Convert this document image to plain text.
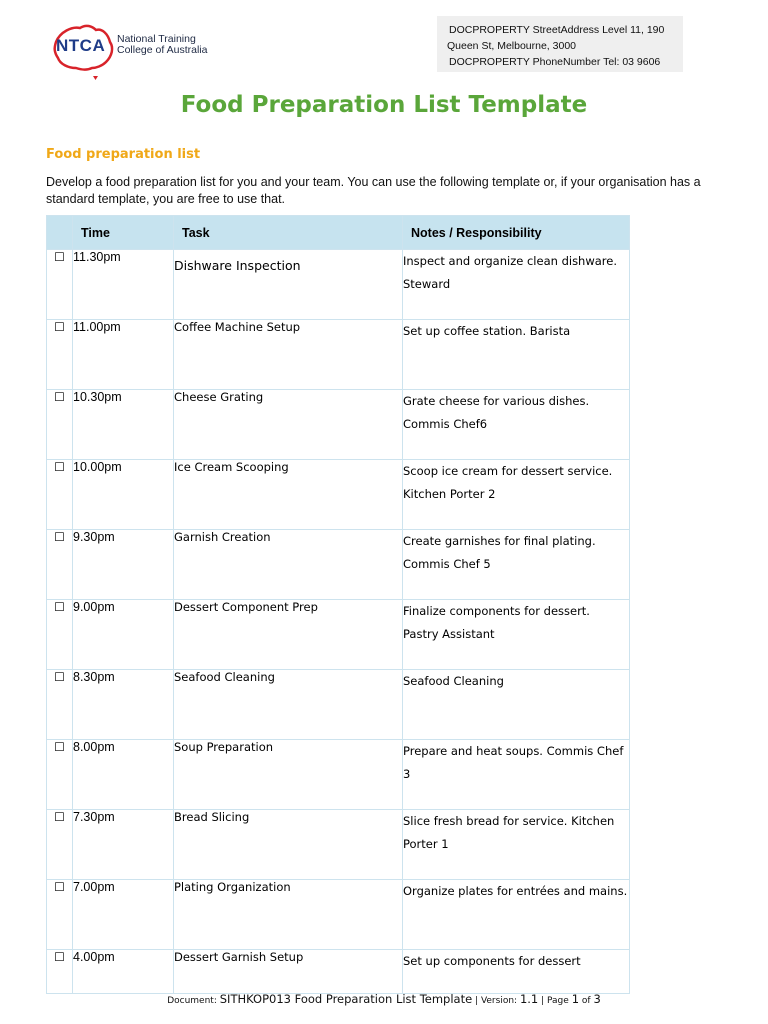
NTCA National Training
College of Australia
DOCPROPERTY StreetAddress Level 11, 190
Queen St, Melbourne, 3000
DOCPROPERTY PhoneNumber Tel: 03 9606
Food Preparation List Template
Food preparation list
Develop a food preparation list for you and your team. You can use the following template or, if your organisation has a standard template, you are free to use that.
	Time	Task	Notes / Responsibility
☐	11.30pm	Dishware Inspection	Inspect and organize clean dishware. Steward
☐	11.00pm	Coffee Machine Setup	Set up coffee station. Barista
☐	10.30pm	Cheese Grating	Grate cheese for various dishes. Commis Chef6
☐	10.00pm	Ice Cream Scooping	Scoop ice cream for dessert service. Kitchen Porter 2
☐	9.30pm	Garnish Creation	Create garnishes for final plating. Commis Chef 5
☐	9.00pm	Dessert Component Prep	Finalize components for dessert. Pastry Assistant
☐	8.30pm	Seafood Cleaning	Seafood Cleaning
☐	8.00pm	Soup Preparation	Prepare and heat soups. Commis Chef 3
☐	7.30pm	Bread Slicing	Slice fresh bread for service. Kitchen Porter 1
☐	7.00pm	Plating Organization	Organize plates for entrées and mains.
☐	4.00pm	Dessert Garnish Setup	Set up components for dessert
Document: SITHKOP013 Food Preparation List Template | Version: 1.1 | Page 1 of 3
